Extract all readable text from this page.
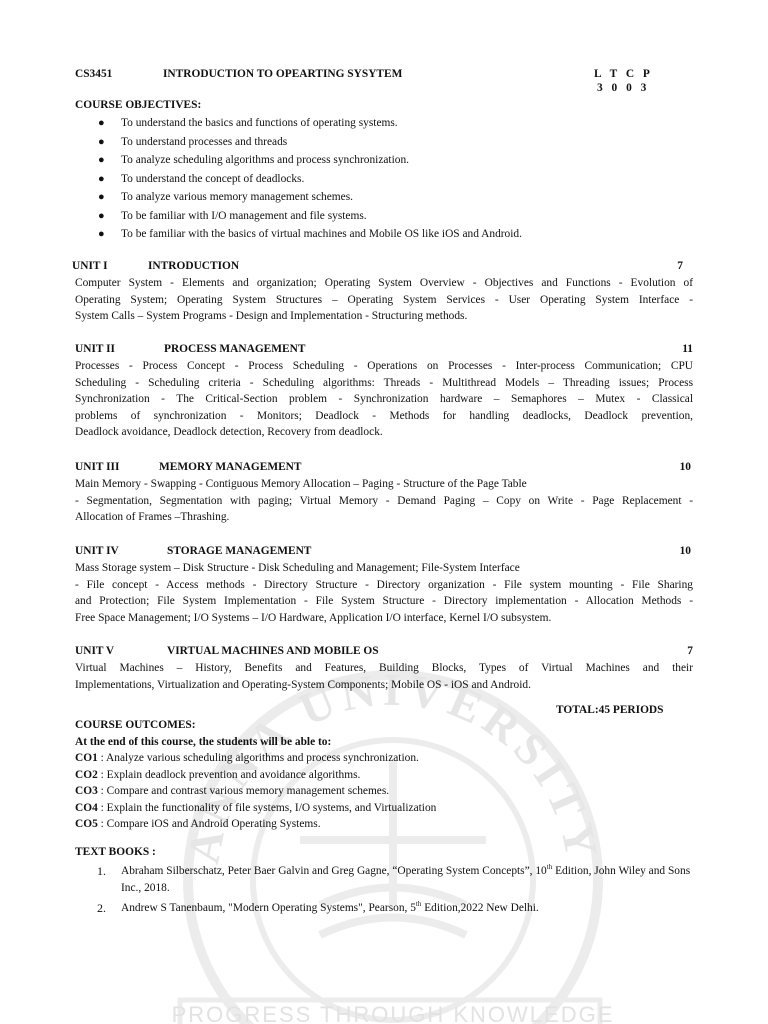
ANNA UNIVERSITY
PROGRESS THROUGH KNOWLEDGE
CS3451	INTRODUCTION TO OPEARTING SYSYTEM	L T C P
3 0 0 3
COURSE OBJECTIVES:
● To understand the basics and functions of operating systems.
● To understand processes and threads
● To analyze scheduling algorithms and process synchronization.
● To understand the concept of deadlocks.
● To analyze various memory management schemes.
● To be familiar with I/O management and file systems.
● To be familiar with the basics of virtual machines and Mobile OS like iOS and Android.
UNIT I	INTRODUCTION	7

Computer System - Elements and organization; Operating System Overview - Objectives and Functions - Evolution of

Operating System; Operating System Structures – Operating System Services - User Operating System Interface -

System Calls – System Programs - Design and Implementation - Structuring methods.

UNIT II	PROCESS MANAGEMENT	11

Processes - Process Concept - Process Scheduling - Operations on Processes - Inter-process Communication; CPU

Scheduling - Scheduling criteria - Scheduling algorithms: Threads - Multithread Models – Threading issues; Process

Synchronization - The Critical-Section problem - Synchronization hardware – Semaphores – Mutex - Classical

problems of synchronization - Monitors; Deadlock - Methods for handling deadlocks, Deadlock prevention,

Deadlock avoidance, Deadlock detection, Recovery from deadlock.

UNIT III	MEMORY MANAGEMENT	10

Main Memory - Swapping - Contiguous Memory Allocation – Paging - Structure of the Page Table

- Segmentation, Segmentation with paging; Virtual Memory - Demand Paging – Copy on Write - Page Replacement -

Allocation of Frames –Thrashing.

UNIT IV	STORAGE MANAGEMENT	10

Mass Storage system – Disk Structure - Disk Scheduling and Management; File-System Interface

- File concept - Access methods - Directory Structure - Directory organization - File system mounting - File Sharing

and Protection; File System Implementation - File System Structure - Directory implementation - Allocation Methods -

Free Space Management; I/O Systems – I/O Hardware, Application I/O interface, Kernel I/O subsystem.

UNIT V	VIRTUAL MACHINES AND MOBILE OS	7

Virtual Machines – History, Benefits and Features, Building Blocks, Types of Virtual Machines and their

Implementations, Virtualization and Operating-System Components; Mobile OS - iOS and Android.

TOTAL:45 PERIODS
COURSE OUTCOMES:
At the end of this course, the students will be able to:
CO1 : Analyze various scheduling algorithms and process synchronization.
CO2 : Explain deadlock prevention and avoidance algorithms.
CO3 : Compare and contrast various memory management schemes.
CO4 : Explain the functionality of file systems, I/O systems, and Virtualization
CO5 : Compare iOS and Android Operating Systems.
TEXT BOOKS :
1. Abraham Silberschatz, Peter Baer Galvin and Greg Gagne, “Operating System Concepts”, 10th Edition, John Wiley and Sons Inc., 2018.
2. Andrew S Tanenbaum, "Modern Operating Systems", Pearson, 5th Edition,2022 New Delhi.
